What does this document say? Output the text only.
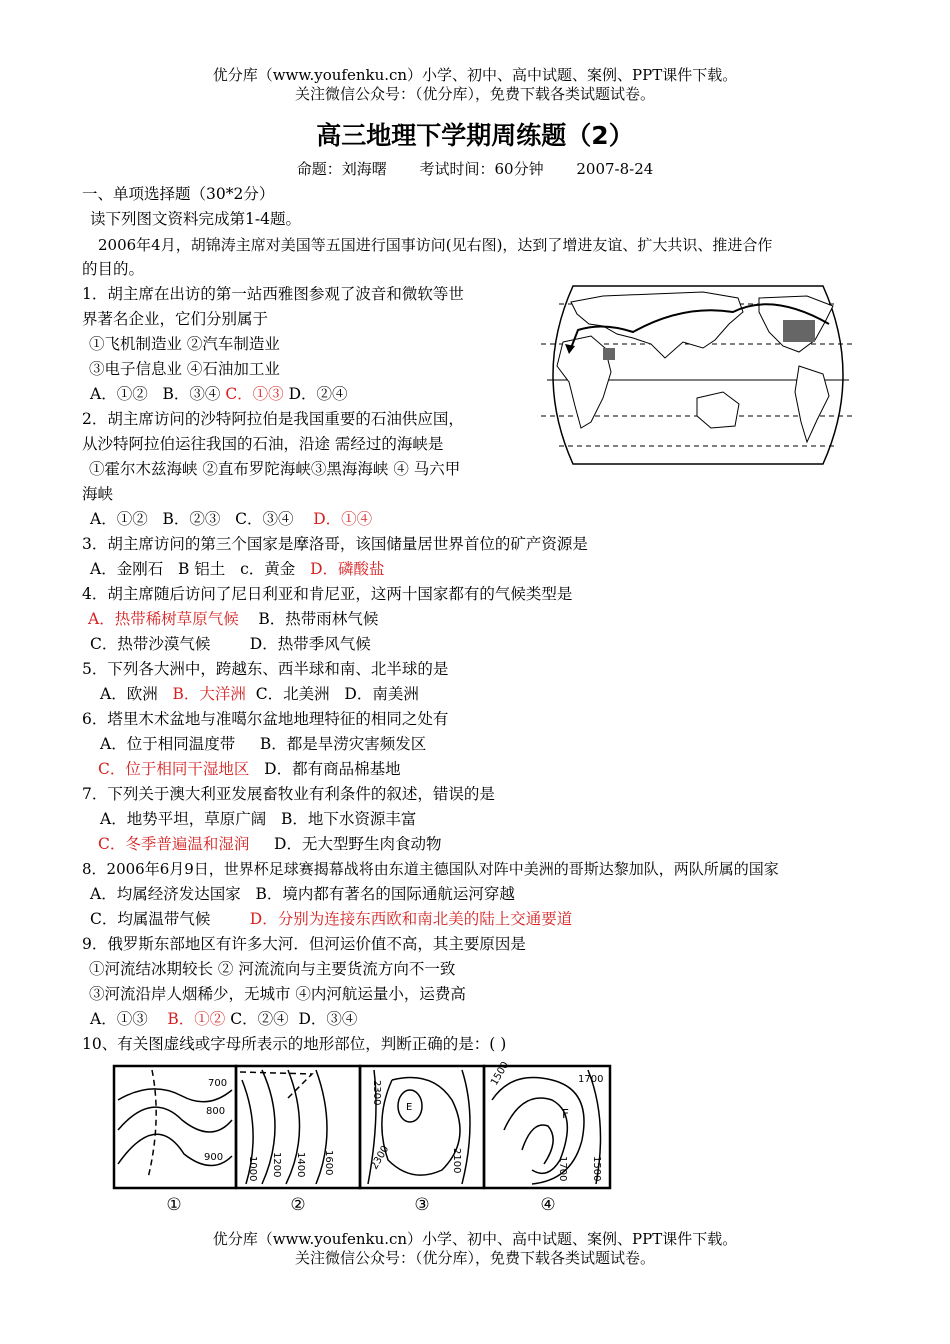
优分库（www.youfenku.cn）小学、初中、高中试题、案例、PPT课件下载。
关注微信公众号：（优分库），免费下载各类试题试卷。
高三地理下学期周练题（2）
命题：刘海曙 考试时间：60分钟 2007-8-24
一、单项选择题（30*2分）
读下列图文资料完成第1-4题。
2006年4月，胡锦涛主席对美国等五国进行国事访问(见右图)，达到了增进友谊、扩大共识、推进合作
的目的。
1．胡主席在出访的第一站西雅图参观了波音和微软等世
界著名企业，它们分别属于
①飞机制造业 ②汽车制造业
③电子信息业 ④石油加工业
A．①② B．③④ C．①③ D．②④
2．胡主席访问的沙特阿拉伯是我国重要的石油供应国，
从沙特阿拉伯运往我国的石油，沿途 需经过的海峡是
①霍尔木兹海峡 ②直布罗陀海峡③黑海海峡 ④ 马六甲
海峡
A．①② B．②③ C．③④ D．①④
3．胡主席访问的第三个国家是摩洛哥，该国储量居世界首位的矿产资源是
A．金刚石 B 铝土 c．黄金 D．磷酸盐
4．胡主席随后访问了尼日利亚和肯尼亚，这两十国家都有的气候类型是
A．热带稀树草原气候 B．热带雨林气候
C．热带沙漠气候	D．热带季风气候
5．下列各大洲中，跨越东、西半球和南、北半球的是
A．欧洲 B．大洋洲 C．北美洲 D．南美洲
6．塔里木术盆地与准噶尔盆地地理特征的相同之处有
A．位于相同温度带 B．都是旱涝灾害频发区
C．位于相同干湿地区 D．都有商品棉基地
7．下列关于澳大利亚发展畜牧业有利条件的叙述，错误的是
A．地势平坦，草原广阔 B．地下水资源丰富
C．冬季普遍温和湿润 D．无大型野生肉食动物
8．2006年6月9日，世界杯足球赛揭幕战将由东道主德国队对阵中美洲的哥斯达黎加队，两队所属的国家
A．均属经济发达国家 B．境内都有著名的国际通航运河穿越
C．均属温带气候	D．分别为连接东西欧和南北美的陆上交通要道
9．俄罗斯东部地区有许多大河．但河运价值不高，其主要原因是
①河流结冰期较长 ② 河流流向与主要货流方向不一致
③河流沿岸人烟稀少，无城市 ④内河航运量小，运费高
A．①③ B．①② C．②④ D．③④
10、有关图虚线或字母所表示的地形部位，判断正确的是：( )
700
800
900 1000 1200 1400 1600
2300
2100
2300
1500	1700
1700 1500
E	F
①	②	③	④
优分库（www.youfenku.cn）小学、初中、高中试题、案例、PPT课件下载。
关注微信公众号：（优分库），免费下载各类试题试卷。
